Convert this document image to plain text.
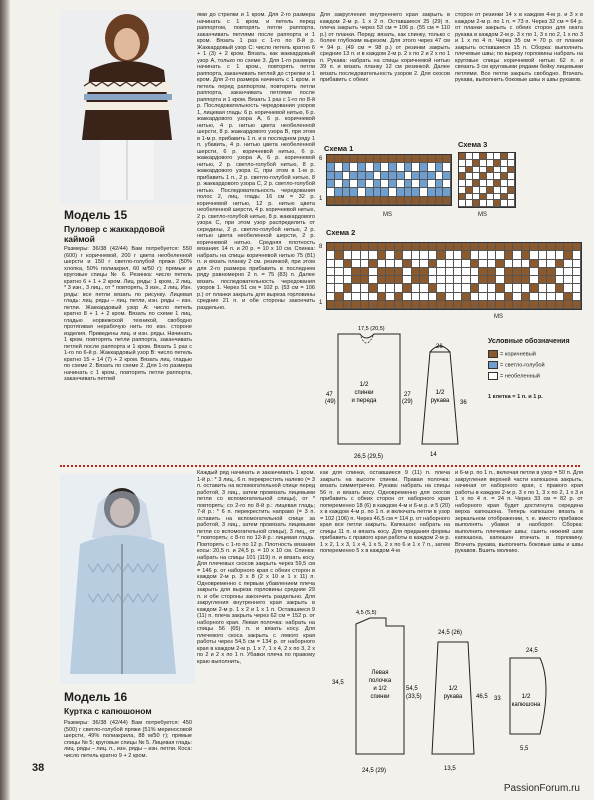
Модель 15
Пуловер с жаккардовой каймой
Размеры: 36/38 (42/44) Вам потребуется: 550 (600) г коричневой, 200 г цвета необеленной шерсти и 150 г светло-голубой пряжи (50% хлопка, 50% полиакрил, 60 м/50 г); прямые и круговые спицы № 6. Резинка: число петель кратно 6 + 1 + 2 кром. Лиц. ряды: 1 кром., 2 лиц. * 3 изн., 3 лиц., от * повторять, 3 изн., 2 лиц. Изн. ряды: все петли вязать по рисунку. Лицевая гладь: лиц. ряды – лиц. петли, изн. ряды – изн. петли. Жаккардовый узор А: число петель кратно 8 + 1 + 2 кром. Вязать по схеме 1 лиц. гладью норвежской техникой, свободно протягивая нерабочую нить по изн. стороне изделия. Приведены лиц. и изн. ряды. Начинать 1 кром. повторять петли раппорта, заканчивать петлей после раппорта и 1 кром. Вязать 1 раз с 1-го по 6-й р. Жаккардовый узор В: число петель кратно 15 + 14 (7) + 2 кром. Вязать лиц. гладью по схеме 2. Вязать по схеме 2. Для 1-го размера начинать с 1 кром., повторять петли раппорта, заканчивать петлей
ями до стрелки и 1 кром. Для 2-го размера начинать с 1 кром. и петель перед раппортом, повторять петли раппорта, заканчивать петлями после раппорта и 1 кром. Вязать 1 раз с 1-го по 8-й р. Жаккардовый узор С: число петель кратно 6 + 1 (3) + 2 кром. Вязать, как жаккардовый узор А, только по схеме 3. Для 1-го размера начинать с 1 кром., повторять петли раппорта, заканчивать петлей до стрелки и 1 кром. Для 2-го размера начинать с 1 кром. и петель перед раппортом, повторять петли раппорта, заканчивать петлями после раппорта и 1 кром. Вязать 1 раз с 1-го по 8-й р. Последовательность чередования узоров 1, лицевая гладь: 6 р. коричневой нитью, 6 р. жаккардового узора А, 6 р. коричневой нитью, 4 р. нитью цвета необеленной шерсти, 8 р. жаккардового узора В, при этом в 1-м р. прибавить 1 п. и в последнем ряду 1 п. убавить, 4 р. нитью цвета необеленной шерсти, 6 р. коричневой нитью, 6 р. жаккардового узора А, 6 р. коричневой нитью, 2 р. светло-голубой нитью, 8 р. жаккардового узора С, при этом в 1-м р. прибавить 1 п., 2 р. светло-голубой нитью, 8 р. жаккардового узора С, 2 р. светло-голубой нитью. Последовательность чередования полос 2, лиц. гладь: 16 см = 32 р. коричневой нитью, 12 р. нитью цвета необеленной шерсти, 4 р. коричневой нитью, 2 р. светло-голубой нитью, 8 р. жаккардового узора С, при этом узор распределить от середины, 2 р. светло-голубой нитью, 2 р. нитью цвета необеленной шерсти, 2 р. коричневой нитью. Средняя плотность вязания: 14 п. и 20 р. = 10 х 10 см. Спинка: набрать на спицы коричневой нитью 75 (81) п. и вязать планку 2 см. резинкой, при этом для 2-го размера прибавить в последнем ряду равномерно 2 п. = 75 (83) п. Далее вязать последовательность чередования узоров 1. Через 51 см = 102 р. (53 см = 106 р.) от планки закрыть для выреза горловины средние 21 п. и обе стороны закончить раздельно.
Для закругления внутреннего края закрыть в каждом 2-м р. 1 х 2 п. Оставшиеся 25 (29) п. плеча закрыть через 53 см = 106 р. (55 см = 110 р.) от планки. Перед: вязать, как спинку, только с более глубоким вырезом. Для этого через 47 см = 94 р. (49 см = 98 р.) от резинки закрыть средние 13 п. и в каждом 2-м р. 2 х по 2 и 2 х по 1 п. Рукава: набрать на спицы коричневой нитью 39 п. и вязать планку 12 см резинкой. Далее вязать последовательность узоров 2. Для скосов прибавить с обеих
сторон от резинки 14 х в каждом 4-м р. и 3 х в каждом 2-м р. по 1 п. = 73 п. Через 32 см = 64 р. от планки закрыть с обеих сторон для оката рукава в каждом 2-м р. 3 х по 1, 3 х по 2, 1 х по 3 и 1 х по 4 п. Через 35 см = 70 р. от планки закрыть оставшиеся 15 п. Сборка: выполнить плечевые швы; по вырезу горловины набрать на круговые спицы коричневой нитью 62 п. и связать 3 см круговыми рядами бейку лицевыми петлями. Все петли закрыть свободно. Втачать рукава, выполнить боковые швы и швы рукавов.
Схема 1
6
1
MS
Схема 3
MS
Схема 2
8
1
MS
1/2
спинки
и переда
47
(49)
27
(29)
26,5 (29,5)
17,5 (20,5)
1/2
рукава 36
26
14
Условные обозначения
= коричневый
= светло-голубой
= необеленный
1 клетка = 1 п. и 1 р.
Модель 16
Куртка с капюшоном
Размеры: 36/38 (42/44) Вам потребуется: 450 (500) г светло-голубой пряжи (51% мериносовой шерсти, 49% полиакрила, 88 м/50 г); прямые спицы № 5; круговые спицы № 5. Лицевая гладь: лиц. ряды – лиц. п., изн. ряды – изн. петли. Коса: число петель кратно 9 + 2 кром.
Каждый ряд начинать и заканчивать 1 кром. 1-й р.: * 3 лиц., 6 п. перекрестить налево (= 3 п. оставить на вспомогательной спице перед работой, 3 лиц., затем провязать лицевыми петли со вспомогательной спицы), от * повторять; со 2-го по 8-й р.: лицевая гладь; 7-й р.: * 6 п. перекрестить направо (= 3 п. оставить на вспомогательной спице за работой, 3 лиц., затем провязать лицевыми петли со вспомогательной спицы), 3 лиц., от * повторять; с 8-го по 12-й р.: лицевая гладь. Повторять с 1-го по 12 р. Плотность вязания косы: 20,5 п. и 24,5 р. = 10 х 10 см. Спинка: набрать на спицы 101 (119) п. и вязать косу. Для плечевых скосов закрыть через 59,5 см = 146 р. от наборного края с обеих сторон в каждом 2-м р. 3 х 8 (2 х 10 и 1 х 11) п. Одновременно с первым убавлением плеча закрыть для выреза горловины средние 29 п. и обе стороны закончить раздельно. Для закругления внутреннего края закрыть в каждом 2-м р. 1 х 2 и 1 х 1 п. Оставшиеся 9 (11) п. плеча закрыть через 62 см = 152 р. от наборного края. Левая полочка: набрать на спицы 56 (65) п. и вязать косу. Для плечевого скоса закрыть с левого края работы через 54,5 см = 134 р. от наборного края в каждом 2-м р. 1 х 7, 1 х 4, 2 х по 3, 2 х по 2 и 2 х по 1 п. Убавки плеча по правому краю выполнить,
как для спинки, оставшиеся 9 (11) п. плеча закрыть на высоте спинки. Правая полочка: вязать симметрично. Рукава: набрать на спицы 56 п. и вязать косу. Одновременно для скосов прибавить с обеих сторон от наборного края попеременно 18 (6) в каждом 4-м и 6-м р. и 5 (20) х в каждом 4-м р. по 1 п. и включать петли в узор = 102 (106) п. Через 46,5 см = 114 р. от наборного края все петли закрыть. Капюшон: набрать на спицы 11 п. и вязать косу. Для придания формы прибавить с правого края работы в каждом 2-м р. 1 х 2, 1 х 3, 1 х 4, 1 х 5, 2 х по 6 и 1 х 7 п., затем попеременно 5 х в каждом 4-м
и 6-м р. по 1 п., включая петли в узор = 50 п. Для закругления верхней части капюшона закрыть, начиная от наборного края, с правого края работы в каждом 2-м р. 3 х по 1, 3 х по 2, 1 х 3 и 1 х по 4 п. = 24 п. Через 33 см = 82 р. от наборного края будет достигнута середина верха капюшона. Теперь капюшон вязать в зеркальном отображении, т. е. вместо прибавок выполнять убавки и наоборот. Сборка: выполнить плечевые швы; сшить нижний шов капюшона, капюшон втачать в горловину. Втачать рукава, выполнить боковые швы и швы рукавов. Вшить молнию.
Левая
полочка
и 1/2
спинки
34,5
54,5
(33,5)
24,5 (29)
4,5 (5,5)
1/2
рукава 46,5
24,5 (26)
13,5
1/2
капюшона
33
24,5
5,5
38
PassionForum.ru
